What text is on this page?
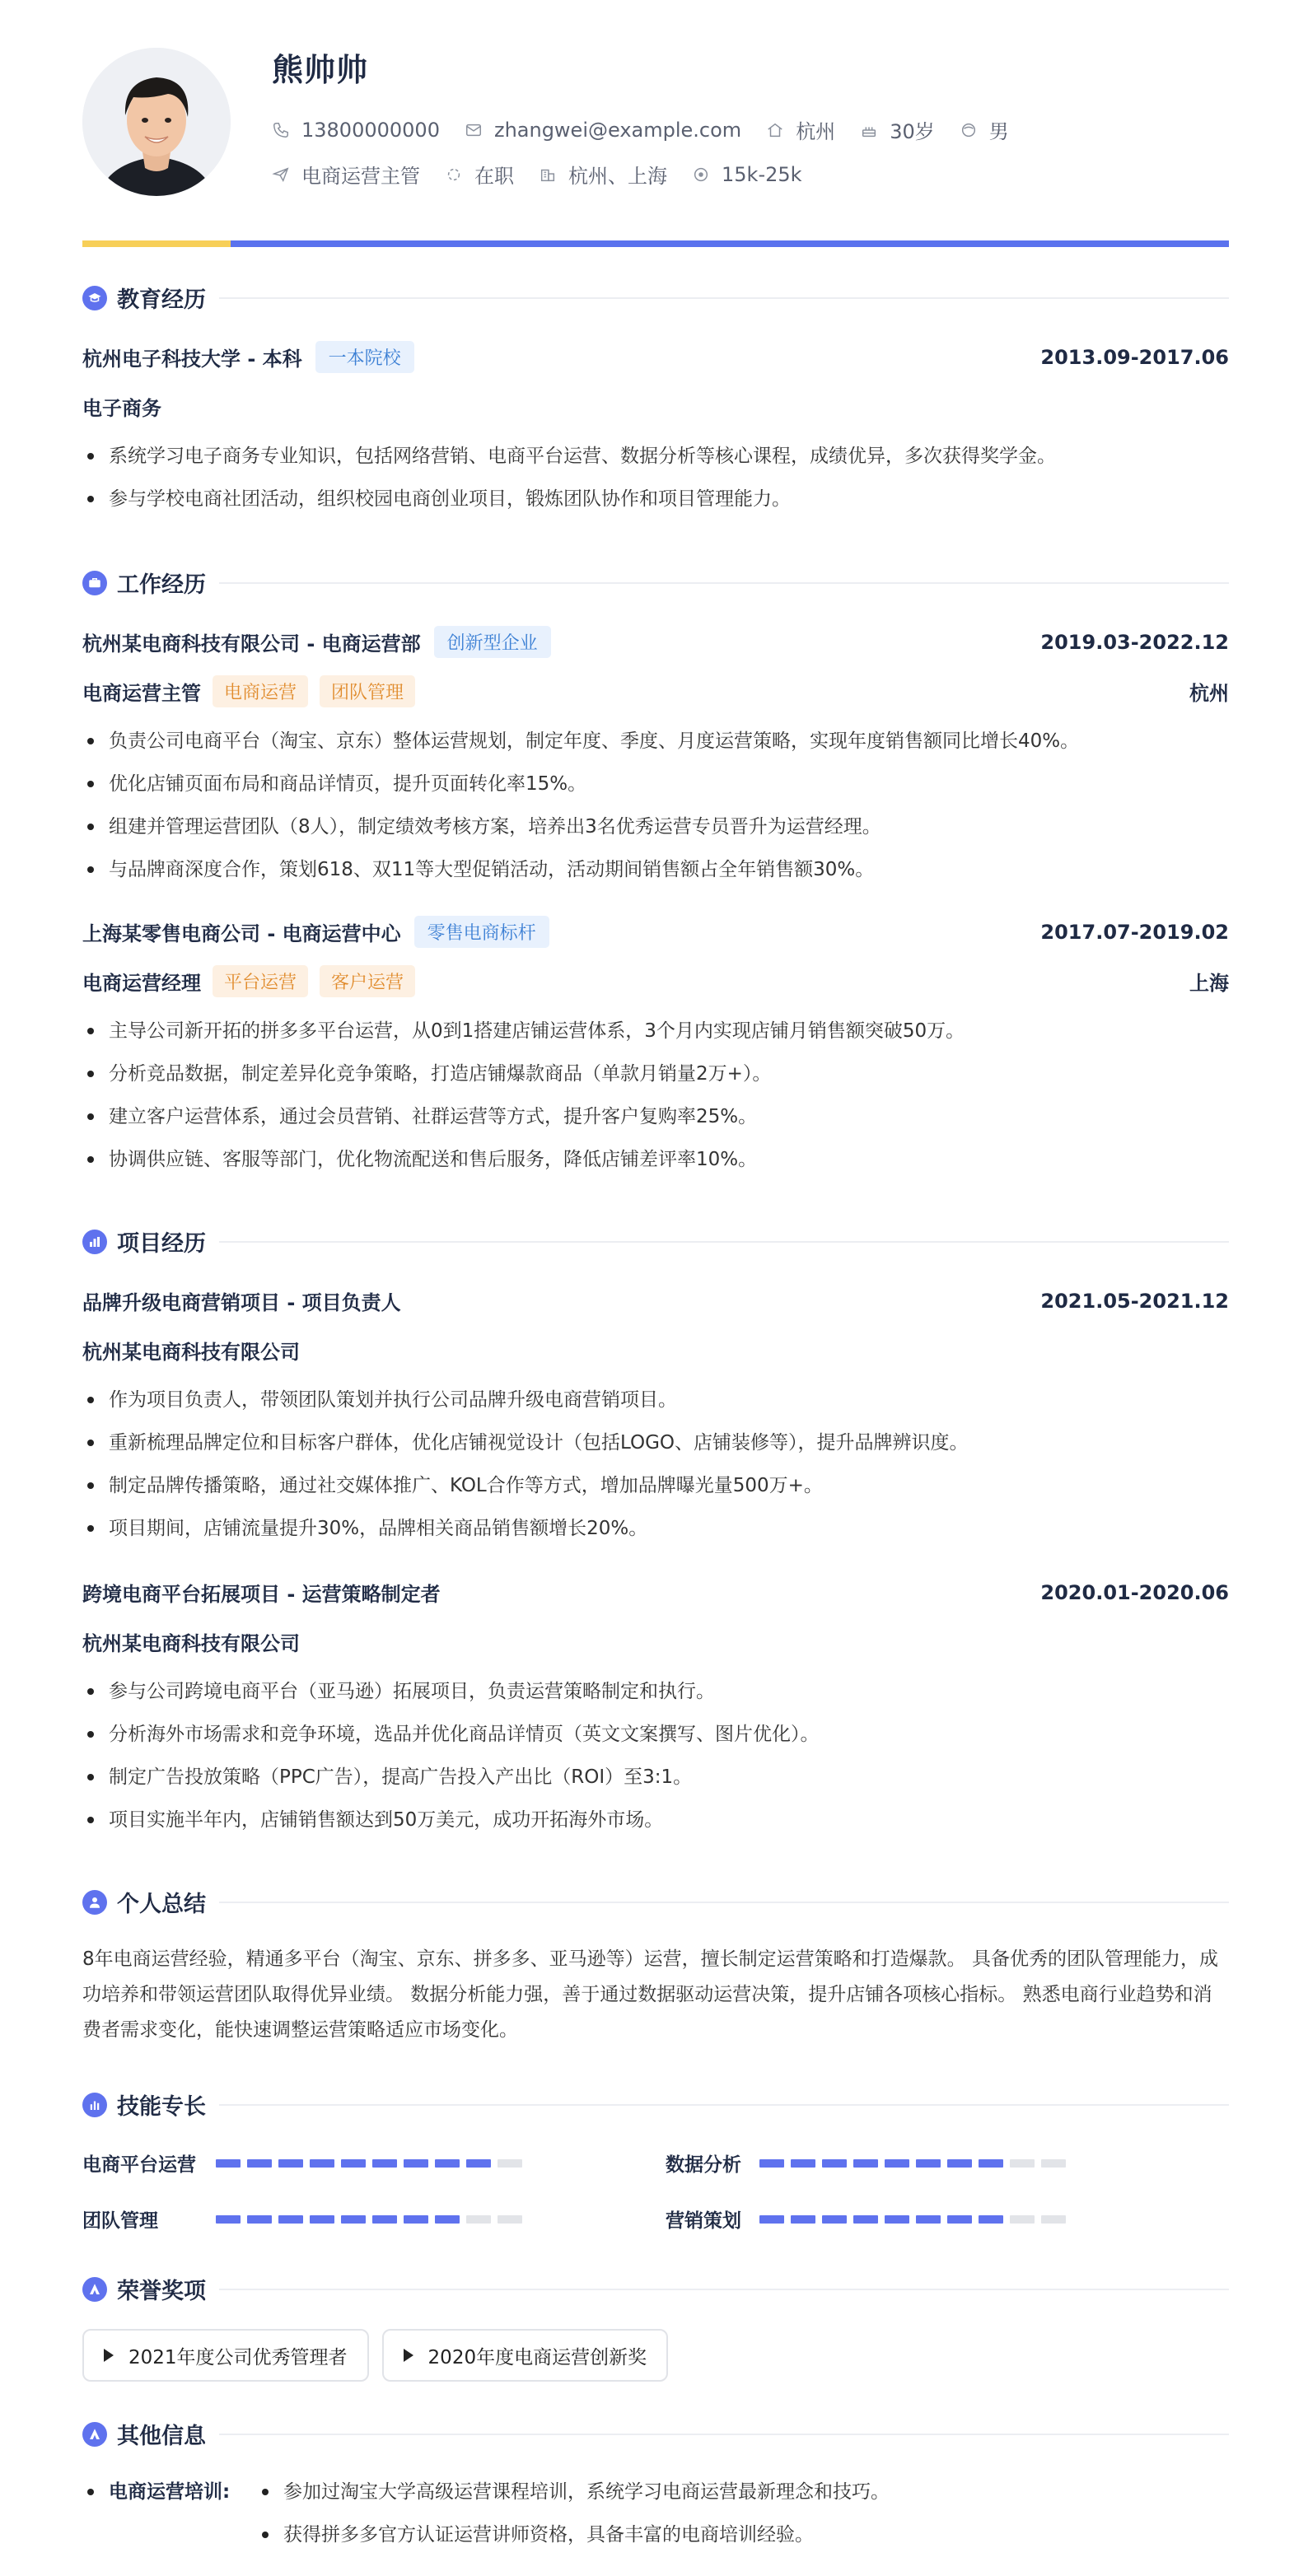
熊帅帅
13800000000	zhangwei@example.com	杭州	30岁	男
电商运营主管	在职	杭州、上海	15k-25k
教育经历
杭州电子科技大学 - 本科	一本院校	2013.09-2017.06
电子商务
系统学习电子商务专业知识，包括网络营销、电商平台运营、数据分析等核心课程，成绩优异，多次获得奖学金。
参与学校电商社团活动，组织校园电商创业项目，锻炼团队协作和项目管理能力。
工作经历
杭州某电商科技有限公司 - 电商运营部	创新型企业	2019.03-2022.12
电商运营主管	电商运营	团队管理	杭州
负责公司电商平台（淘宝、京东）整体运营规划，制定年度、季度、月度运营策略，实现年度销售额同比增长40%。
优化店铺页面布局和商品详情页，提升页面转化率15%。
组建并管理运营团队（8人），制定绩效考核方案，培养出3名优秀运营专员晋升为运营经理。
与品牌商深度合作，策划618、双11等大型促销活动，活动期间销售额占全年销售额30%。
上海某零售电商公司 - 电商运营中心	零售电商标杆	2017.07-2019.02
电商运营经理	平台运营	客户运营	上海
主导公司新开拓的拼多多平台运营，从0到1搭建店铺运营体系，3个月内实现店铺月销售额突破50万。
分析竞品数据，制定差异化竞争策略，打造店铺爆款商品（单款月销量2万+）。
建立客户运营体系，通过会员营销、社群运营等方式，提升客户复购率25%。
协调供应链、客服等部门，优化物流配送和售后服务，降低店铺差评率10%。
项目经历
品牌升级电商营销项目 - 项目负责人	2021.05-2021.12
杭州某电商科技有限公司
作为项目负责人，带领团队策划并执行公司品牌升级电商营销项目。
重新梳理品牌定位和目标客户群体，优化店铺视觉设计（包括LOGO、店铺装修等），提升品牌辨识度。
制定品牌传播策略，通过社交媒体推广、KOL合作等方式，增加品牌曝光量500万+。
项目期间，店铺流量提升30%，品牌相关商品销售额增长20%。
跨境电商平台拓展项目 - 运营策略制定者	2020.01-2020.06
杭州某电商科技有限公司
参与公司跨境电商平台（亚马逊）拓展项目，负责运营策略制定和执行。
分析海外市场需求和竞争环境，选品并优化商品详情页（英文文案撰写、图片优化）。
制定广告投放策略（PPC广告），提高广告投入产出比（ROI）至3:1。
项目实施半年内，店铺销售额达到50万美元，成功开拓海外市场。
个人总结
8年电商运营经验，精通多平台（淘宝、京东、拼多多、亚马逊等）运营，擅长制定运营策略和打造爆款。 具备优秀的团队管理能力，成功培养和带领运营团队取得优异业绩。 数据分析能力强，善于通过数据驱动运营决策，提升店铺各项核心指标。 熟悉电商行业趋势和消费者需求变化，能快速调整运营策略适应市场变化。
技能专长
电商平台运营	数据分析
团队管理	营销策划
荣誉奖项
2021年度公司优秀管理者	2020年度电商运营创新奖
其他信息
电商运营培训:	参加过淘宝大学高级运营课程培训，系统学习电商运营最新理念和技巧。
获得拼多多官方认证运营讲师资格，具备丰富的电商培训经验。
